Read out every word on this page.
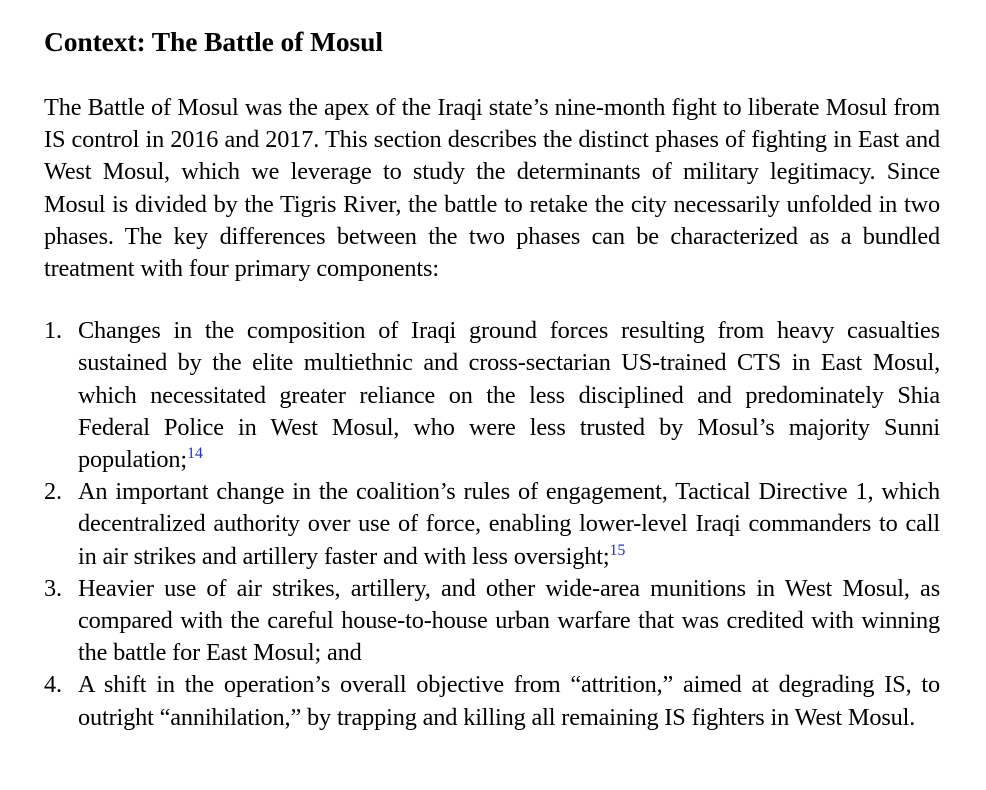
Context: The Battle of Mosul

The Battle of Mosul was the apex of the Iraqi state’s nine-month fight to liberate Mosul from IS control in 2016 and 2017. This section describes the distinct phases of fighting in East and West Mosul, which we leverage to study the determinants of military legitimacy. Since Mosul is divided by the Tigris River, the battle to retake the city necessarily unfolded in two phases. The key differences between the two phases can be characterized as a bundled treatment with four primary components:

1. Changes in the composition of Iraqi ground forces resulting from heavy casualties sustained by the elite multiethnic and cross-sectarian US-trained CTS in East Mosul, which necessitated greater reliance on the less disciplined and predominately Shia Federal Police in West Mosul, who were less trusted by Mosul’s majority Sunni population;$^{14}$
2. An important change in the coalition’s rules of engagement, Tactical Directive 1, which decentralized authority over use of force, enabling lower-level Iraqi commanders to call in air strikes and artillery faster and with less oversight;$^{15}$
3. Heavier use of air strikes, artillery, and other wide-area munitions in West Mosul, as compared with the careful house-to-house urban warfare that was credited with winning the battle for East Mosul; and
4. A shift in the operation’s overall objective from “attrition,” aimed at degrading IS, to outright “annihilation,” by trapping and killing all remaining IS fighters in West Mosul.
